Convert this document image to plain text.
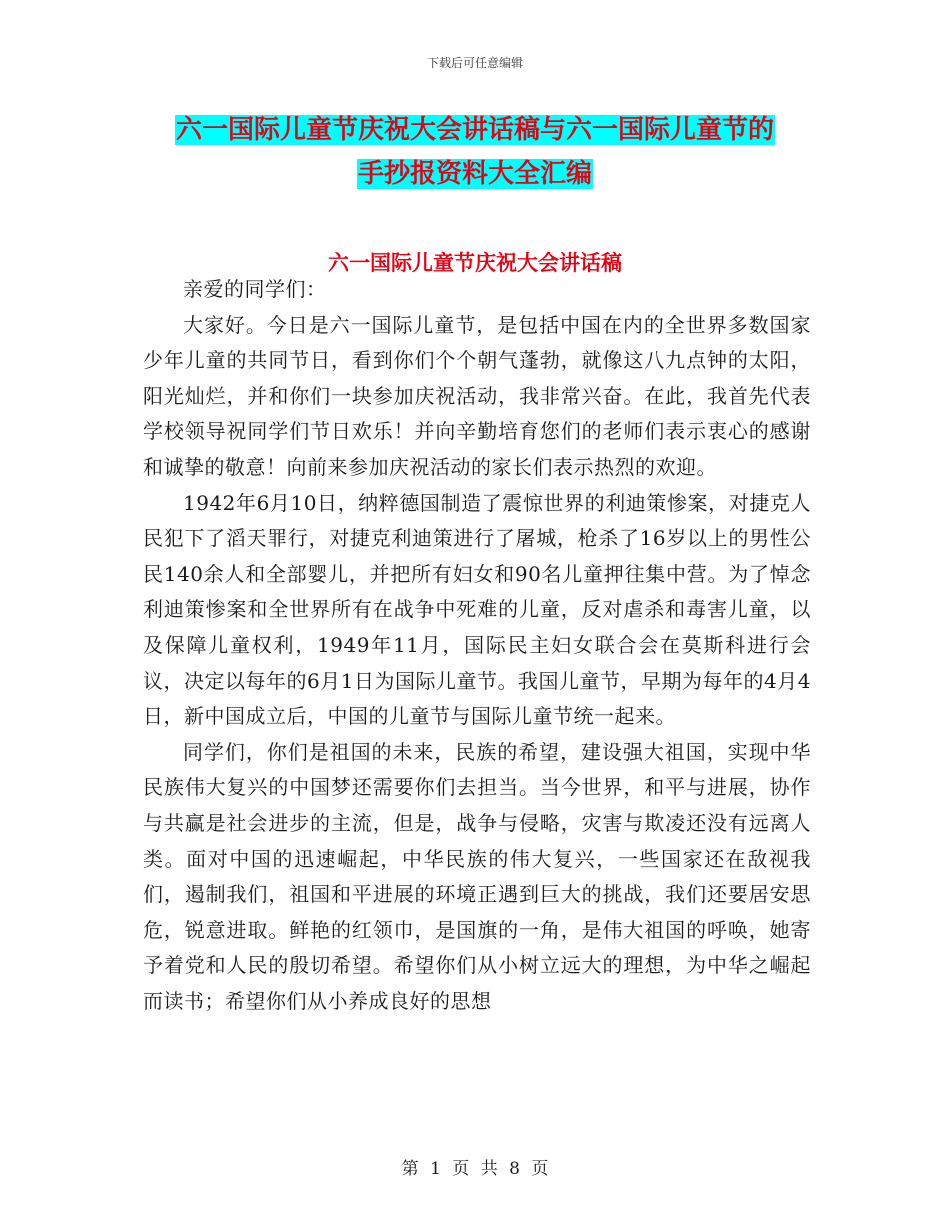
下载后可任意编辑
六一国际儿童节庆祝大会讲话稿与六一国际儿童节的
手抄报资料大全汇编
六一国际儿童节庆祝大会讲话稿

亲爱的同学们：

大家好。今日是六一国际儿童节，是包括中国在内的全世界多数国家少年儿童的共同节日，看到你们个个朝气蓬勃，就像这八九点钟的太阳，阳光灿烂，并和你们一块参加庆祝活动，我非常兴奋。在此，我首先代表学校领导祝同学们节日欢乐！并向辛勤培育您们的老师们表示衷心的感谢和诚挚的敬意！向前来参加庆祝活动的家长们表示热烈的欢迎。

1942年6月10日，纳粹德国制造了震惊世界的利迪策惨案，对捷克人民犯下了滔天罪行，对捷克利迪策进行了屠城，枪杀了16岁以上的男性公民140余人和全部婴儿，并把所有妇女和90名儿童押往集中营。为了悼念利迪策惨案和全世界所有在战争中死难的儿童，反对虐杀和毒害儿童，以及保障儿童权利，1949年11月，国际民主妇女联合会在莫斯科进行会议，决定以每年的6月1日为国际儿童节。我国儿童节，早期为每年的4月4日，新中国成立后，中国的儿童节与国际儿童节统一起来。

同学们，你们是祖国的未来，民族的希望，建设强大祖国，实现中华民族伟大复兴的中国梦还需要你们去担当。当今世界，和平与进展，协作与共赢是社会进步的主流，但是，战争与侵略，灾害与欺凌还没有远离人类。面对中国的迅速崛起，中华民族的伟大复兴，一些国家还在敌视我们，遏制我们，祖国和平进展的环境正遇到巨大的挑战，我们还要居安思危，锐意进取。鲜艳的红领巾，是国旗的一角，是伟大祖国的呼唤，她寄予着党和人民的殷切希望。希望你们从小树立远大的理想，为中华之崛起而读书；希望你们从小养成良好的思想

第 1 页 共 8 页
